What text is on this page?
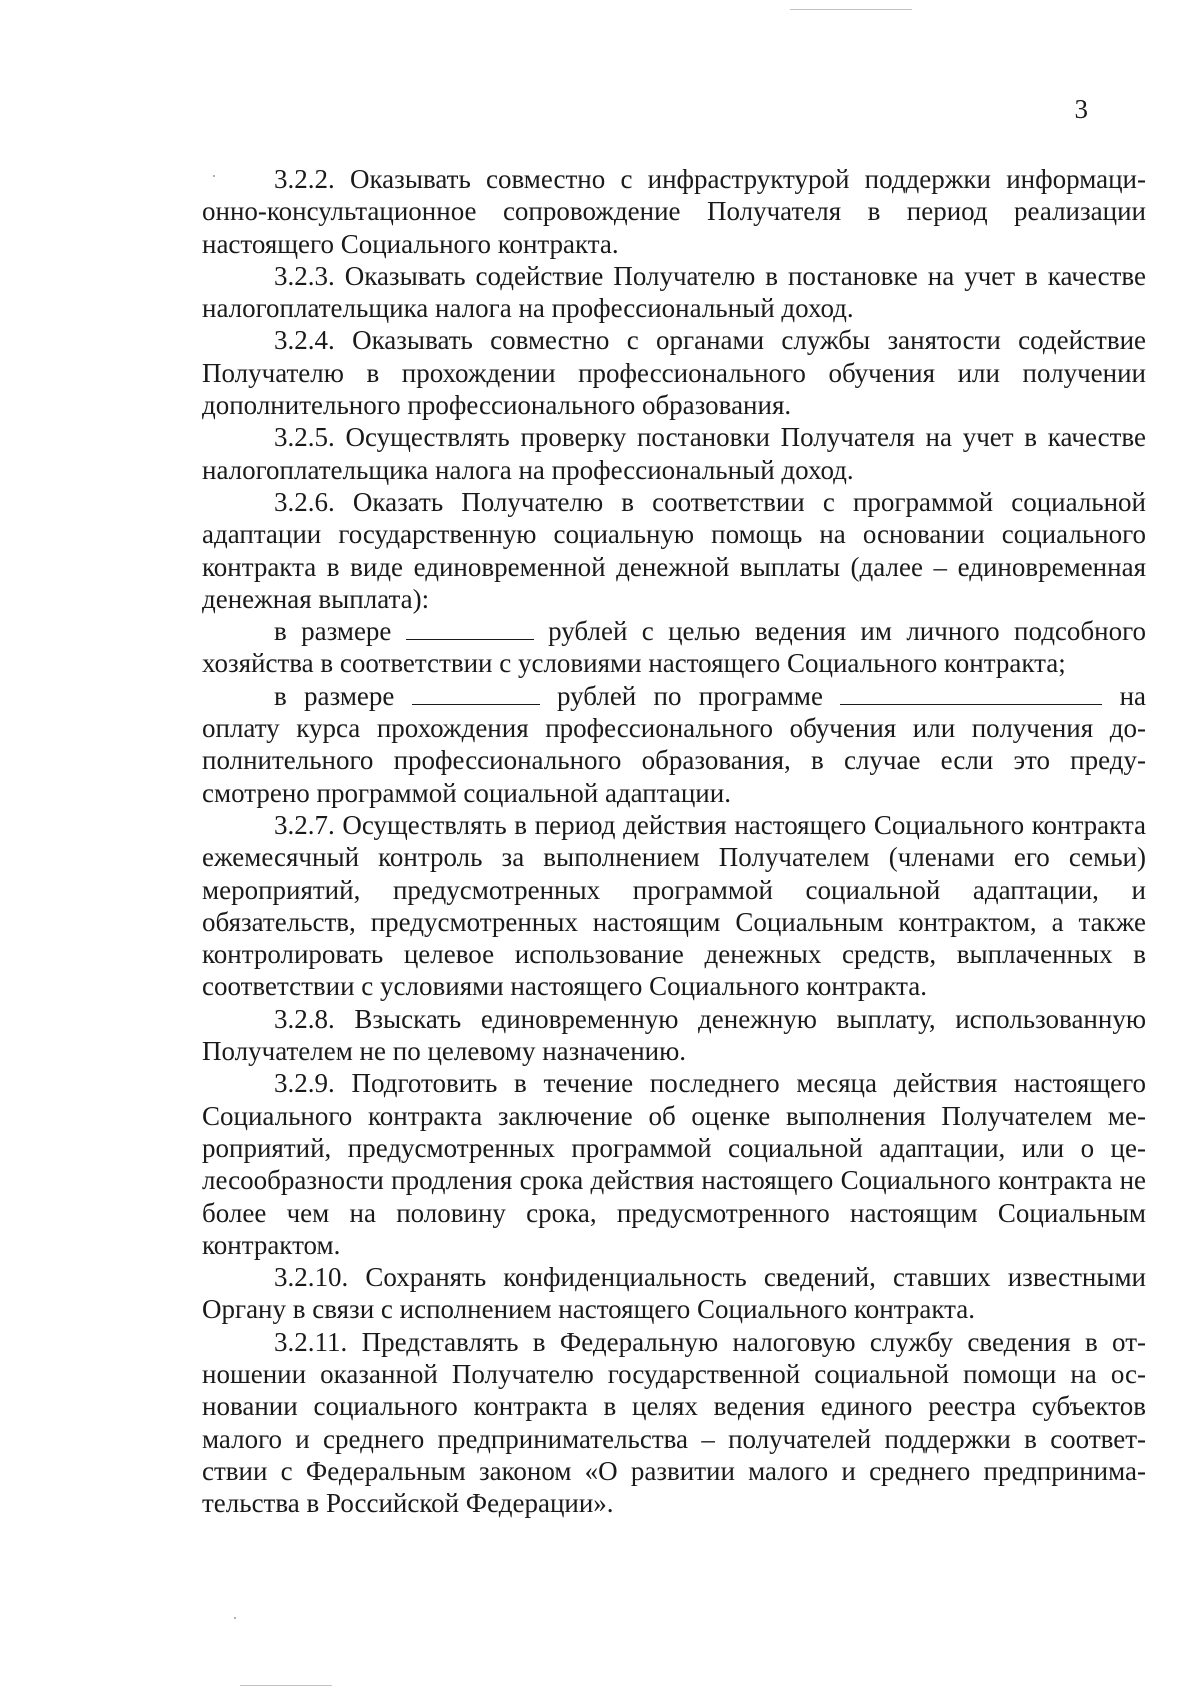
3

3.2.2. Оказывать совместно с инфраструктурой поддержки информационно-консультационное сопровождение Получателя в период реализации настоящего Социального контракта.

3.2.3. Оказывать содействие Получателю в постановке на учет в качестве налогоплательщика налога на профессиональный доход.

3.2.4. Оказывать совместно с органами службы занятости содействие Получателю в прохождении профессионального обучения или получении дополнительного профессионального образования.

3.2.5. Осуществлять проверку постановки Получателя на учет в качестве налогоплательщика налога на профессиональный доход.

3.2.6. Оказать Получателю в соответствии с программой социальной адаптации государственную социальную помощь на основании социального контракта в виде единовременной денежной выплаты (далее – единовременная денежная выплата):

в размере	рублей с целью ведения им личного подсобного хозяйства в соответствии с условиями настоящего Социального контракта;

в размере	рублей по программе	на оплату курса прохождения профессионального обучения или получения дополнительного профессионального образования, в случае если это предусмотрено программой социальной адаптации.

3.2.7. Осуществлять в период действия настоящего Социального контракта ежемесячный контроль за выполнением Получателем (членами его семьи) мероприятий, предусмотренных программой социальной адаптации, и обязательств, предусмотренных настоящим Социальным контрактом, а также контролировать целевое использование денежных средств, выплаченных в соответствии с условиями настоящего Социального контракта.

3.2.8. Взыскать единовременную денежную выплату, использованную Получателем не по целевому назначению.

3.2.9. Подготовить в течение последнего месяца действия настоящего Социального контракта заключение об оценке выполнения Получателем мероприятий, предусмотренных программой социальной адаптации, или о целесообразности продления срока действия настоящего Социального контракта не более чем на половину срока, предусмотренного настоящим Социальным контрактом.

3.2.10. Сохранять конфиденциальность сведений, ставших известными Органу в связи с исполнением настоящего Социального контракта.

3.2.11. Представлять в Федеральную налоговую службу сведения в отношении оказанной Получателю государственной социальной помощи на основании социального контракта в целях ведения единого реестра субъектов малого и среднего предпринимательства – получателей поддержки в соответствии с Федеральным законом «О развитии малого и среднего предпринимательства в Российской Федерации».
